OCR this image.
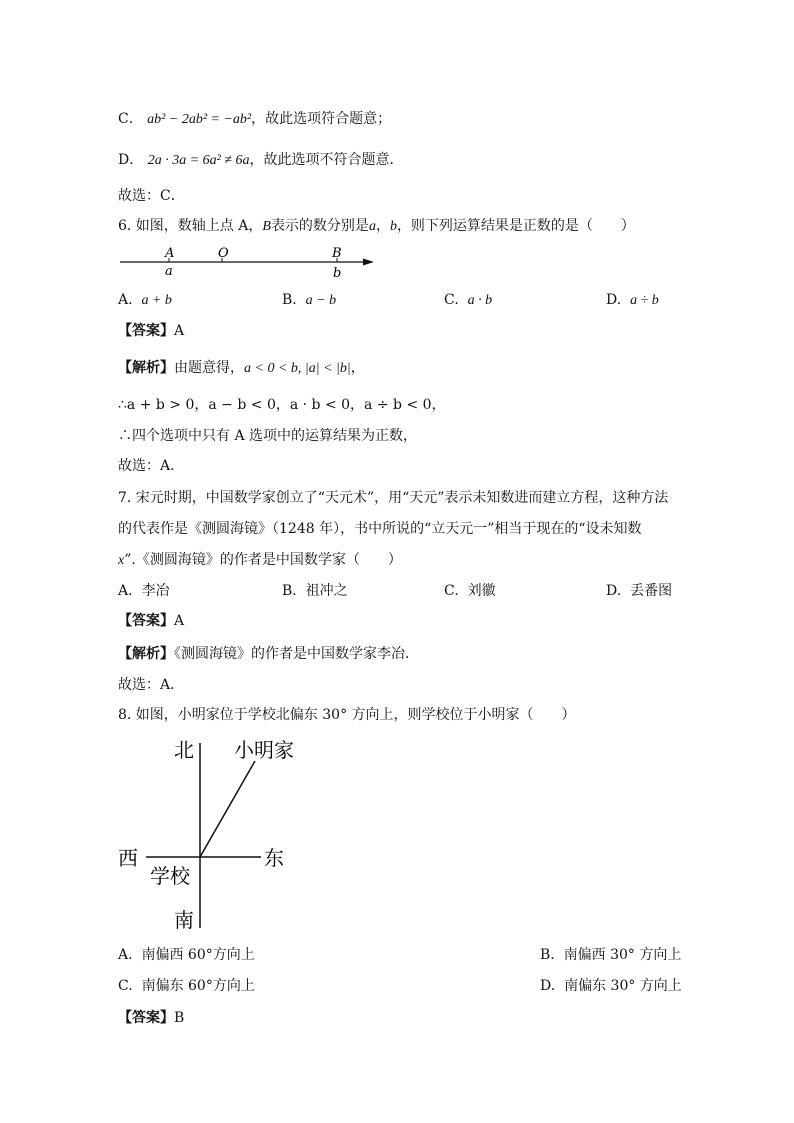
C． ab² − 2ab² = −ab²，故此选项符合题意；
D． 2a · 3a = 6a² ≠ 6a，故此选项不符合题意．
故选：C．
6. 如图，数轴上点 A，B表示的数分别是a，b，则下列运算结果是正数的是（　　）
A	O	B
a	b
A. a + b	B. a − b	C. a · b	D. a ÷ b
【答案】A
【解析】由题意得，a < 0 < b, |a| < |b|，
∴a + b > 0，a − b < 0，a · b < 0，a ÷ b < 0，
∴四个选项中只有 A 选项中的运算结果为正数，
故选：A．
7. 宋元时期，中国数学家创立了“天元术”，用“天元”表示未知数进而建立方程，这种方法
的代表作是《测圆海镜》（1248 年），书中所说的“立天元一”相当于现在的“设未知数
x”.《测圆海镜》的作者是中国数学家（　　）
A. 李冶	B. 祖冲之	C. 刘徽	D. 丢番图
【答案】A
【解析】《测圆海镜》的作者是中国数学家李冶．
故选：A．
8. 如图，小明家位于学校北偏东 30° 方向上，则学校位于小明家（　　）
北 小明家
西	东
学校
南
A. 南偏西 60°方向上	B. 南偏西 30° 方向上
C. 南偏东 60°方向上	D. 南偏东 30° 方向上
【答案】B
